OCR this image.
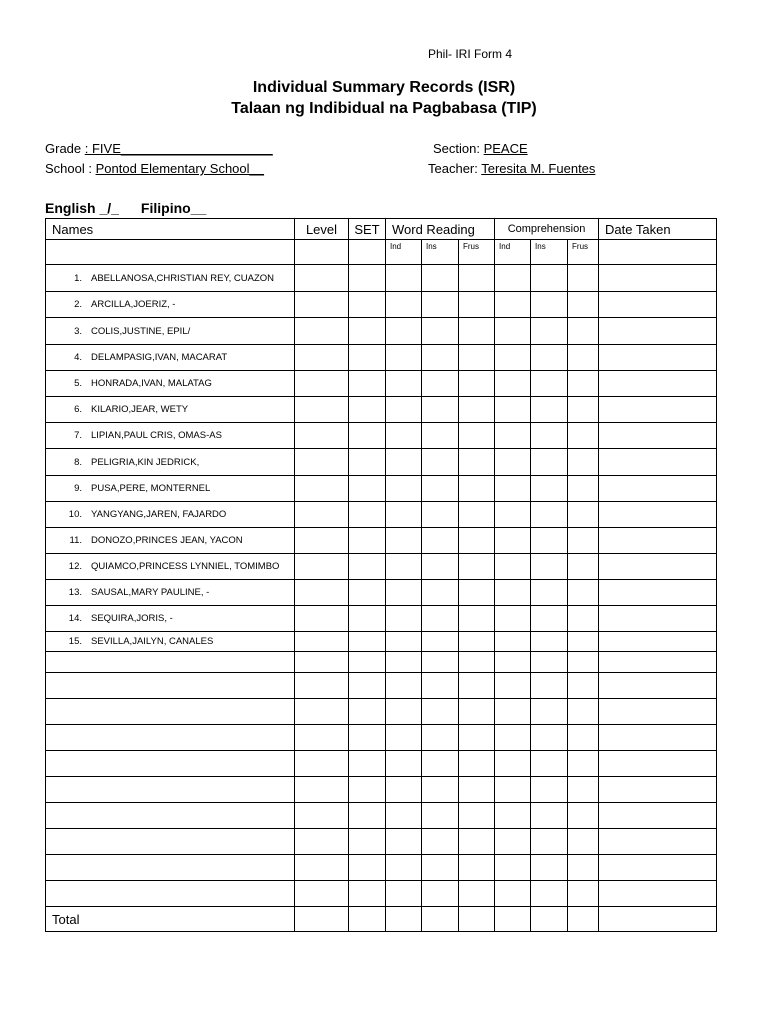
Phil- IRI Form 4
Individual Summary Records (ISR)
Talaan ng Indibidual na Pagbabasa (TIP)
Grade : FIVE_____________________	Section: PEACE
School : Pontod Elementary School__	Teacher: Teresita M. Fuentes
English _/_ Filipino__
Names	Level	SET	Word Reading			Comprehension			Date Taken
			Ind	Ins	Frus	Ind	Ins	Frus	

1. ABELLANOSA,CHRISTIAN REY, CUAZON									

2. ARCILLA,JOERIZ, -									

3. COLIS,JUSTINE, EPIL/									

4. DELAMPASIG,IVAN, MACARAT									

5. HONRADA,IVAN, MALATAG									

6. KILARIO,JEAR, WETY									

7. LIPIAN,PAUL CRIS, OMAS-AS									

8. PELIGRIA,KIN JEDRICK,									

9. PUSA,PERE, MONTERNEL									

10. YANGYANG,JAREN, FAJARDO									

11. DONOZO,PRINCES JEAN, YACON									

12. QUIAMCO,PRINCESS LYNNIEL, TOMIMBO									

13. SAUSAL,MARY PAULINE, -									

14. SEQUIRA,JORIS, -									

15. SEVILLA,JAILYN, CANALES									

Total									
